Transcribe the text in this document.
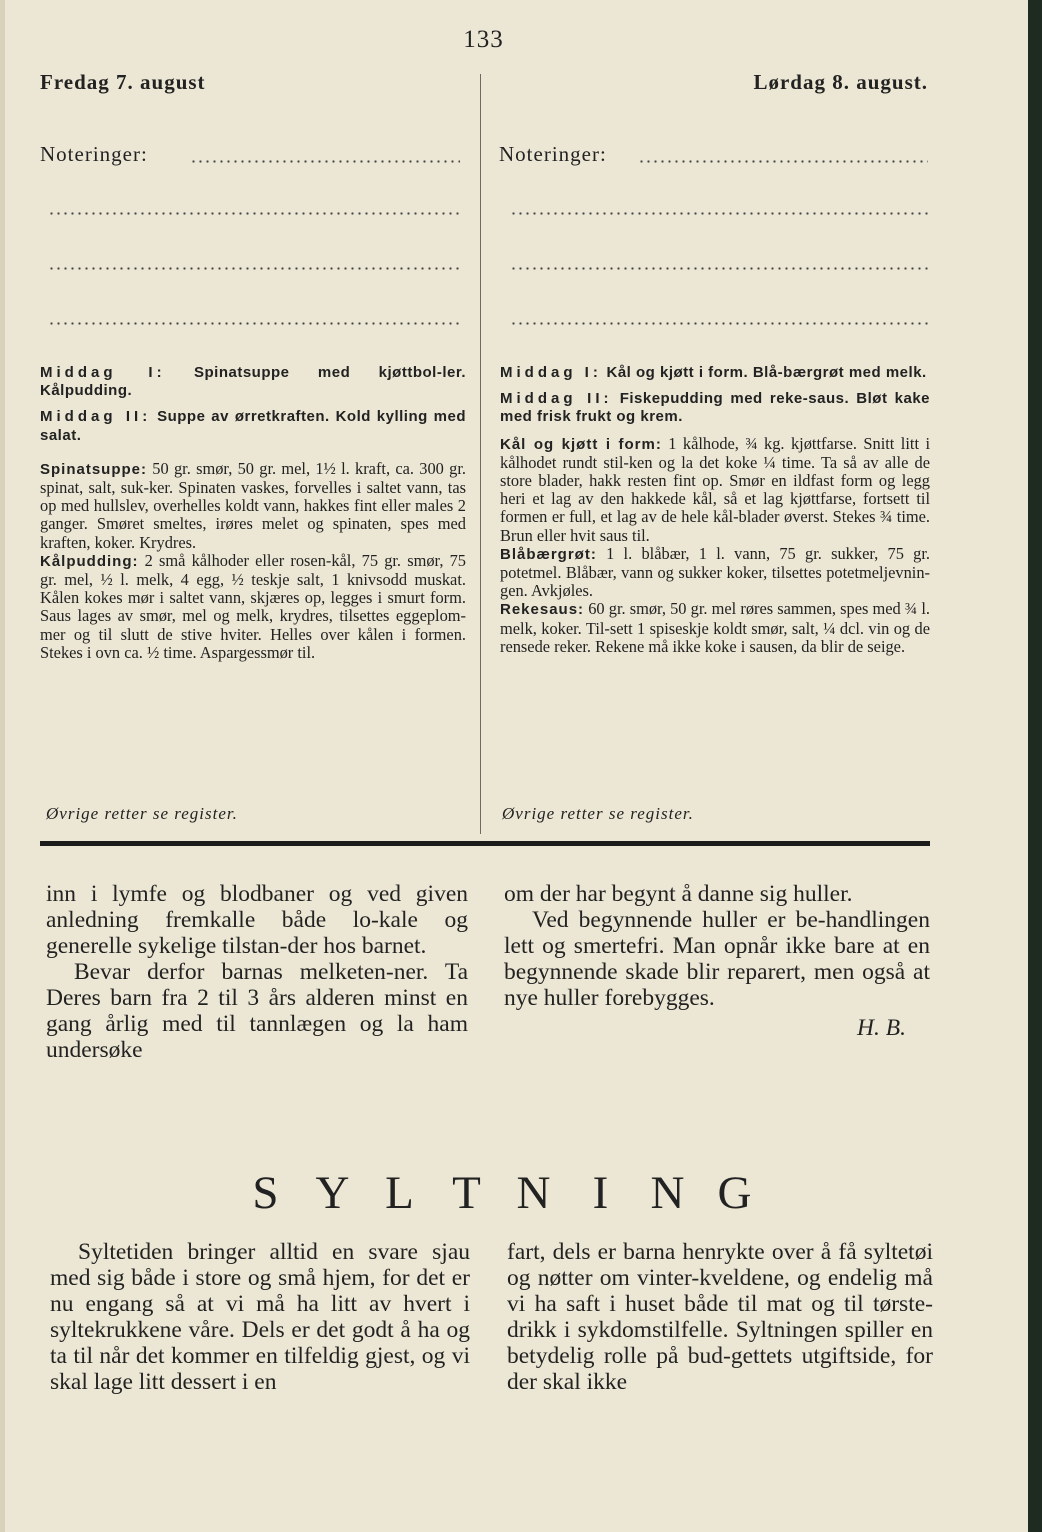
133
Fredag 7. august	Lørdag 8. august.
Noteringer:	Noteringer:

Middag I: Spinatsuppe med kjøttbol-ler. Kålpudding.

Middag II: Suppe av ørretkraften. Kold kylling med salat.

Spinatsuppe: 50 gr. smør, 50 gr. mel, 1½ l. kraft, ca. 300 gr. spinat, salt, suk-ker. Spinaten vaskes, forvelles i saltet vann, tas op med hullslev, overhelles koldt vann, hakkes fint eller males 2 ganger. Smøret smeltes, irøres melet og spinaten, spes med kraften, koker. Krydres.

Kålpudding: 2 små kålhoder eller rosen-kål, 75 gr. smør, 75 gr. mel, ½ l. melk, 4 egg, ½ teskje salt, 1 knivsodd muskat. Kålen kokes mør i saltet vann, skjæres op, legges i smurt form. Saus lages av smør, mel og melk, krydres, tilsettes eggeplom-mer og til slutt de stive hviter. Helles over kålen i formen. Stekes i ovn ca. ½ time. Aspargessmør til.

Øvrige retter se register.

Middag I: Kål og kjøtt i form. Blå-bærgrøt med melk.

Middag II: Fiskepudding med reke-saus. Bløt kake med frisk frukt og krem.

Kål og kjøtt i form: 1 kålhode, ¾ kg. kjøttfarse. Snitt litt i kålhodet rundt stil-ken og la det koke ¼ time. Ta så av alle de store blader, hakk resten fint op. Smør en ildfast form og legg heri et lag av den hakkede kål, så et lag kjøttfarse, fortsett til formen er full, et lag av de hele kål-blader øverst. Stekes ¾ time. Brun eller hvit saus til.

Blåbærgrøt: 1 l. blåbær, 1 l. vann, 75 gr. sukker, 75 gr. potetmel. Blåbær, vann og sukker koker, tilsettes potetmeljevnin-gen. Avkjøles.

Rekesaus: 60 gr. smør, 50 gr. mel røres sammen, spes med ¾ l. melk, koker. Til-sett 1 spiseskje koldt smør, salt, ¼ dcl. vin og de rensede reker. Rekene må ikke koke i sausen, da blir de seige.

Øvrige retter se register.

inn i lymfe og blodbaner og ved given anledning fremkalle både lo-kale og generelle sykelige tilstan-der hos barnet.

Bevar derfor barnas melketen-ner. Ta Deres barn fra 2 til 3 års alderen minst en gang årlig med til tannlægen og la ham undersøke

om der har begynt å danne sig huller.

Ved begynnende huller er be-handlingen lett og smertefri. Man opnår ikke bare at en begynnende skade blir reparert, men også at nye huller forebygges.

H. B.

S Y L T N I N G

Syltetiden bringer alltid en svare sjau med sig både i store og små hjem, for det er nu engang så at vi må ha litt av hvert i syltekrukkene våre. Dels er det godt å ha og ta til når det kommer en tilfeldig gjest, og vi skal lage litt dessert i en

fart, dels er barna henrykte over å få syltetøi og nøtter om vinter-kveldene, og endelig må vi ha saft i huset både til mat og til tørste-drikk i sykdomstilfelle. Syltningen spiller en betydelig rolle på bud-gettets utgiftside, for der skal ikke
